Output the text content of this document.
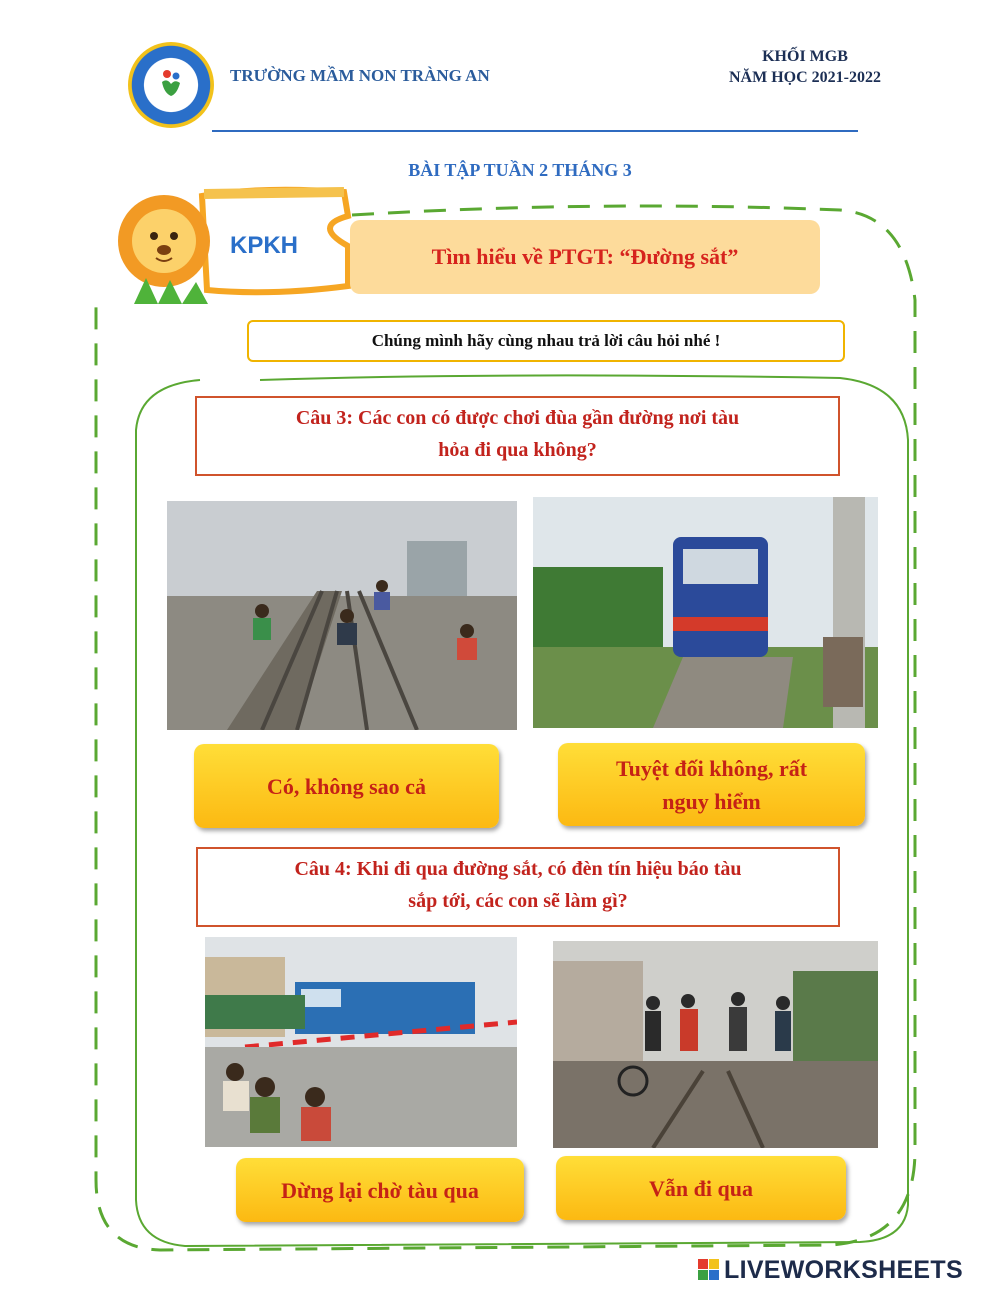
TRƯỜNG MẦM NON TRÀNG AN
KHỐI MGB
NĂM HỌC 2021-2022
BÀI TẬP TUẦN 2 THÁNG 3
KPKH	Tìm hiểu về PTGT: “Đường sắt”
Chúng mình hãy cùng nhau trả lời câu hỏi nhé !
Câu 3: Các con có được chơi đùa gần đường nơi tàu
hỏa đi qua không?
Có, không sao cả
Tuyệt đối không, rất
nguy hiểm
Câu 4: Khi đi qua đường sắt, có đèn tín hiệu báo tàu
sắp tới, các con sẽ làm gì?
Dừng lại chờ tàu qua	Vẫn đi qua
LIVEWORKSHEETS
